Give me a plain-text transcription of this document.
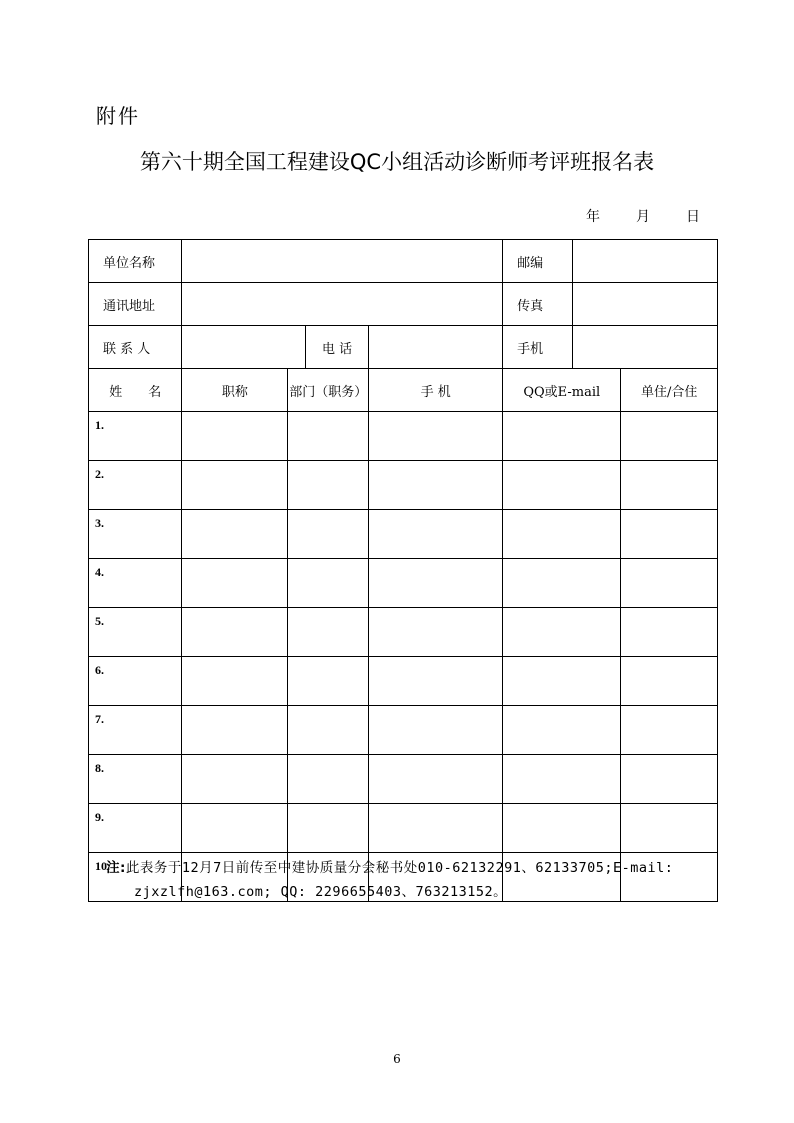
附件
第六十期全国工程建设QC小组活动诊断师考评班报名表
年	月	日
单位名称					邮编		
通讯地址					传真		
联 系 人			电 话		手机		
姓　　名	职称	部门（职务）		手 机	QQ或E-mail		单住/合住
1.							
2.							
3.							
4.							
5.							
6.							
7.							
8.							
9.							
10.							
注:此表务于12月7日前传至中建协质量分会秘书处010-62132291、62133705;E-mail:
zjxzlfh@163.com; QQ: 2296655403、763213152。
6
